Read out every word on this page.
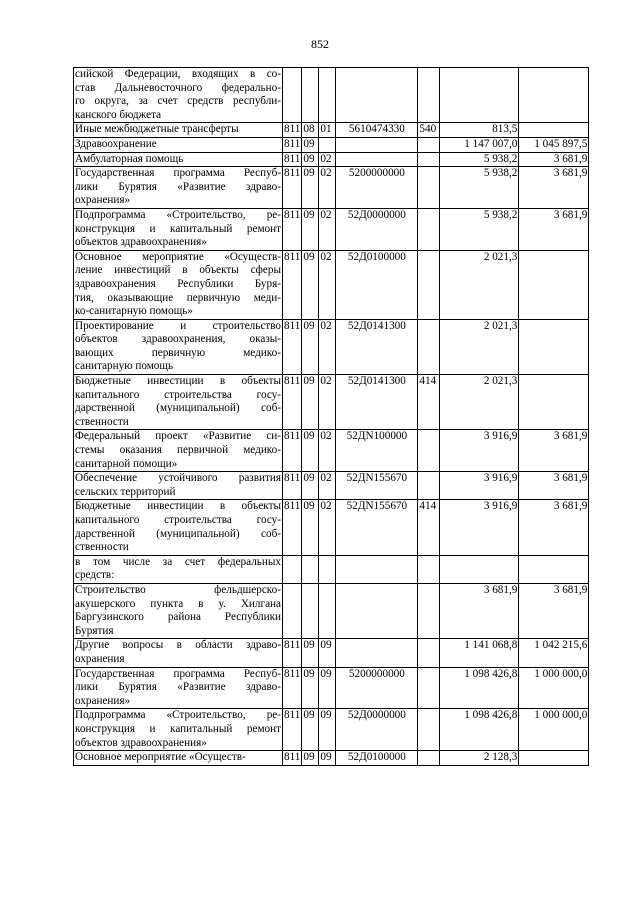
852
сийской Федерации, входящих в со-
став Дальневосточного федерально-
го округа, за счет средств республи-
канского бюджета							

Иные межбюджетные трансферты	811	08	01	5610474330	540	813,5	
Здравоохранение	811	09				1 147 007,0	1 045 897,5
Амбулаторная помощь	811	09	02			5 938,2	3 681,9

Государственная программа Респуб-
лики Бурятия «Развитие здраво-
охранения»	811	09	02	5200000000		5 938,2	3 681,9

Подпрограмма «Строительство, ре-
конструкция и капитальный ремонт
объектов здравоохранения»	811	09	02	52Д0000000		5 938,2	3 681,9

Основное мероприятие «Осуществ-
ление инвестиций в объекты сферы
здравоохранения Республики Буря-
тия, оказывающие первичную меди-
ко-санитарную помощь»	811	09	02	52Д0100000		2 021,3	

Проектирование и строительство
объектов здравоохранения, оказы-
вающих первичную медико-
санитарную помощь	811	09	02	52Д0141300		2 021,3	

Бюджетные инвестиции в объекты
капитального строительства госу-
дарственной (муниципальной) соб-
ственности	811	09	02	52Д0141300	414	2 021,3	

Федеральный проект «Развитие си-
стемы оказания первичной медико-
санитарной помощи»	811	09	02	52ДN100000		3 916,9	3 681,9

Обеспечение устойчивого развития
сельских территорий	811	09	02	52ДN155670		3 916,9	3 681,9

Бюджетные инвестиции в объекты
капитального строительства госу-
дарственной (муниципальной) соб-
ственности	811	09	02	52ДN155670	414	3 916,9	3 681,9

в том числе за счет федеральных
средств:							

Строительство фельдшерско-
акушерского пункта в у. Хилгана
Баргузинского района Республики
Бурятия						3 681,9	3 681,9

Другие вопросы в области здраво-
охранения	811	09	09			1 141 068,8	1 042 215,6

Государственная программа Респуб-
лики Бурятия «Развитие здраво-
охранения»	811	09	09	5200000000		1 098 426,8	1 000 000,0

Подпрограмма «Строительство, ре-
конструкция и капитальный ремонт
объектов здравоохранения»	811	09	09	52Д0000000		1 098 426,8	1 000 000,0
Основное мероприятие «Осуществ-	811	09	09	52Д0100000		2 128,3	
